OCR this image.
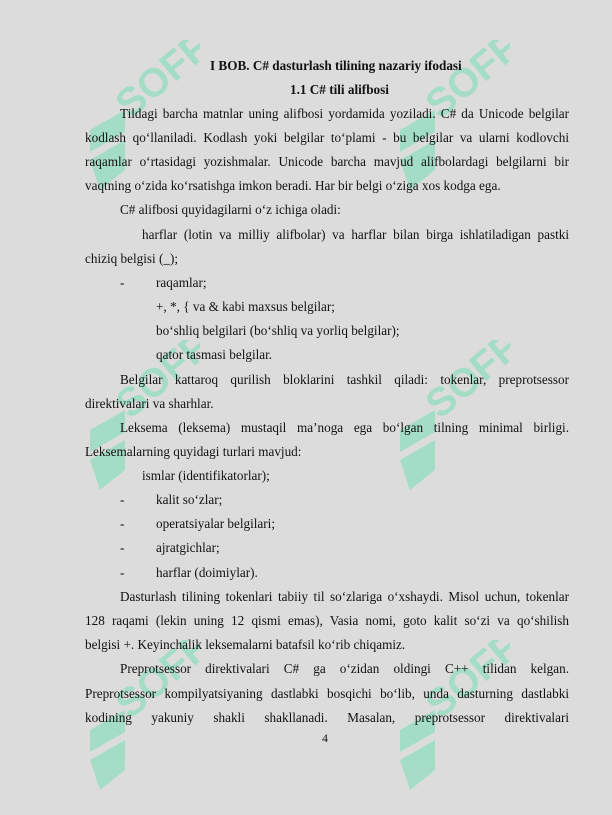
SOFF	SOFF
SOFF	SOFF
SOFF	SOFF
I BOB. C# dasturlash tilining nazariy ifodasi
1.1 C# tili alifbosi
Tildagi barcha matnlar uning alifbosi yordamida yoziladi. C# da Unicode belgilar
kodlash qo‘llaniladi. Kodlash yoki belgilar to‘plami - bu belgilar va ularni kodlovchi
raqamlar o‘rtasidagi yozishmalar. Unicode barcha mavjud alifbolardagi belgilarni bir
vaqtning o‘zida ko‘rsatishga imkon beradi. Har bir belgi o‘ziga xos kodga ega.
C# alifbosi quyidagilarni o‘z ichiga oladi:
harflar (lotin va milliy alifbolar) va harflar bilan birga ishlatiladigan pastki
chiziq belgisi (_);
- raqamlar;
+, *, { va & kabi maxsus belgilar;
bo‘shliq belgilari (bo‘shliq va yorliq belgilar);
qator tasmasi belgilar.
Belgilar kattaroq qurilish bloklarini tashkil qiladi: tokenlar, preprotsessor
direktivalari va sharhlar.
Leksema (leksema) mustaqil ma’noga ega bo‘lgan tilning minimal birligi.
Leksemalarning quyidagi turlari mavjud:
ismlar (identifikatorlar);
- kalit so‘zlar;
- operatsiyalar belgilari;
- ajratgichlar;
- harflar (doimiylar).
Dasturlash tilining tokenlari tabiiy til so‘zlariga o‘xshaydi. Misol uchun, tokenlar
128 raqami (lekin uning 12 qismi emas), Vasia nomi, goto kalit so‘zi va qo‘shilish
belgisi +. Keyinchalik leksemalarni batafsil ko‘rib chiqamiz.
Preprotsessor direktivalari C# ga o‘zidan oldingi C++ tilidan kelgan.
Preprotsessor kompilyatsiyaning dastlabki bosqichi bo‘lib, unda dasturning dastlabki
kodining yakuniy shakli shakllanadi. Masalan, preprotsessor direktivalari
4
